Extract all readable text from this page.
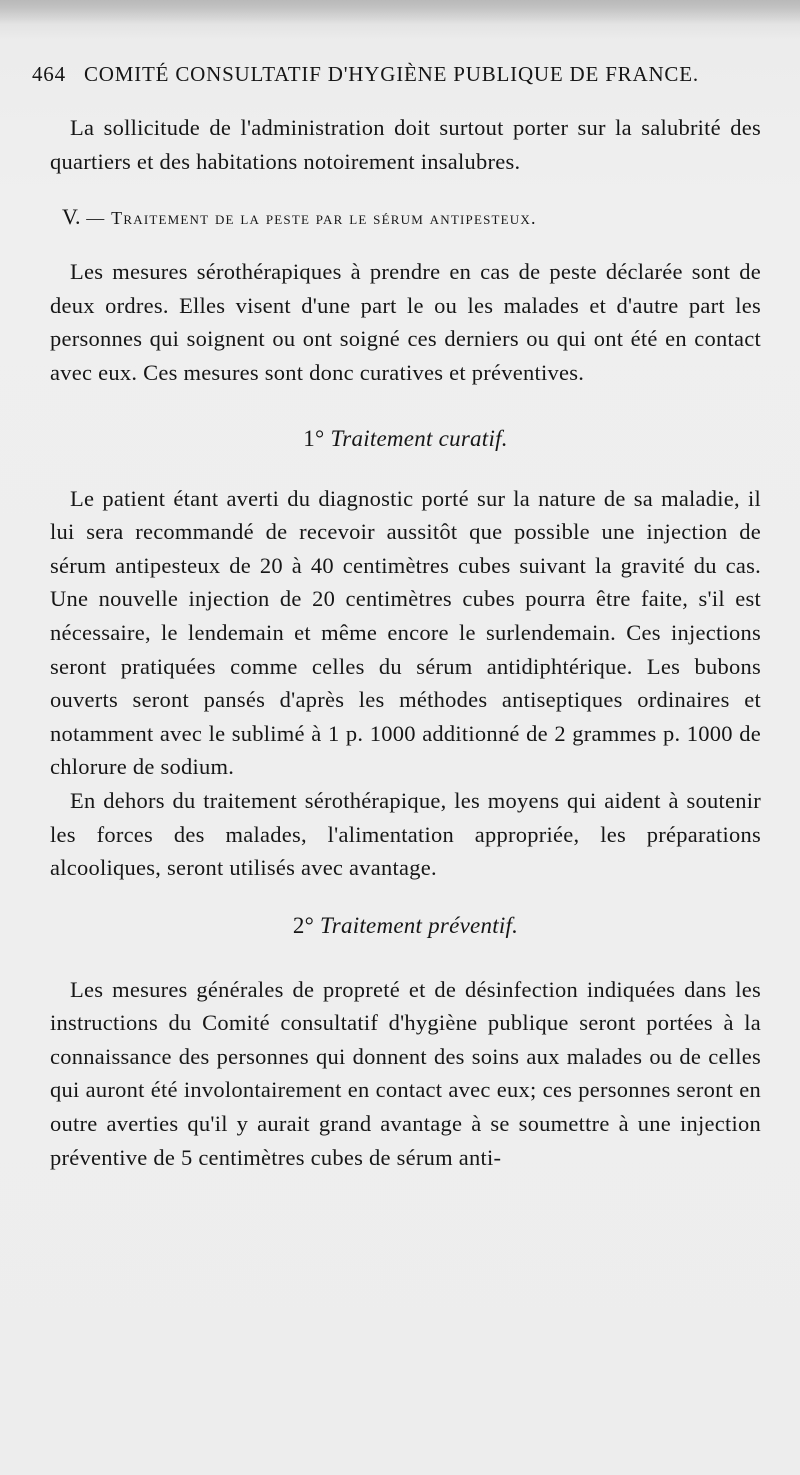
464 COMITÉ CONSULTATIF D'HYGIÈNE PUBLIQUE DE FRANCE.

La sollicitude de l'administration doit surtout porter sur la salubrité des quartiers et des habitations notoirement insalubres.

V. — Traitement de la peste par le sérum antipesteux.

Les mesures sérothérapiques à prendre en cas de peste déclarée sont de deux ordres. Elles visent d'une part le ou les malades et d'autre part les personnes qui soignent ou ont soigné ces derniers ou qui ont été en contact avec eux. Ces mesures sont donc curatives et préventives.

1° Traitement curatif.

Le patient étant averti du diagnostic porté sur la nature de sa maladie, il lui sera recommandé de recevoir aussitôt que possible une injection de sérum antipesteux de 20 à 40 centimètres cubes suivant la gravité du cas. Une nouvelle injection de 20 centimètres cubes pourra être faite, s'il est nécessaire, le lendemain et même encore le surlendemain. Ces injections seront pratiquées comme celles du sérum antidiphtérique. Les bubons ouverts seront pansés d'après les méthodes antiseptiques ordinaires et notamment avec le sublimé à 1 p. 1000 additionné de 2 grammes p. 1000 de chlorure de sodium.

En dehors du traitement sérothérapique, les moyens qui aident à soutenir les forces des malades, l'alimentation appropriée, les préparations alcooliques, seront utilisés avec avantage.

2° Traitement préventif.

Les mesures générales de propreté et de désinfection indiquées dans les instructions du Comité consultatif d'hygiène publique seront portées à la connaissance des personnes qui donnent des soins aux malades ou de celles qui auront été involontairement en contact avec eux; ces personnes seront en outre averties qu'il y aurait grand avantage à se soumettre à une injection préventive de 5 centimètres cubes de sérum anti-
